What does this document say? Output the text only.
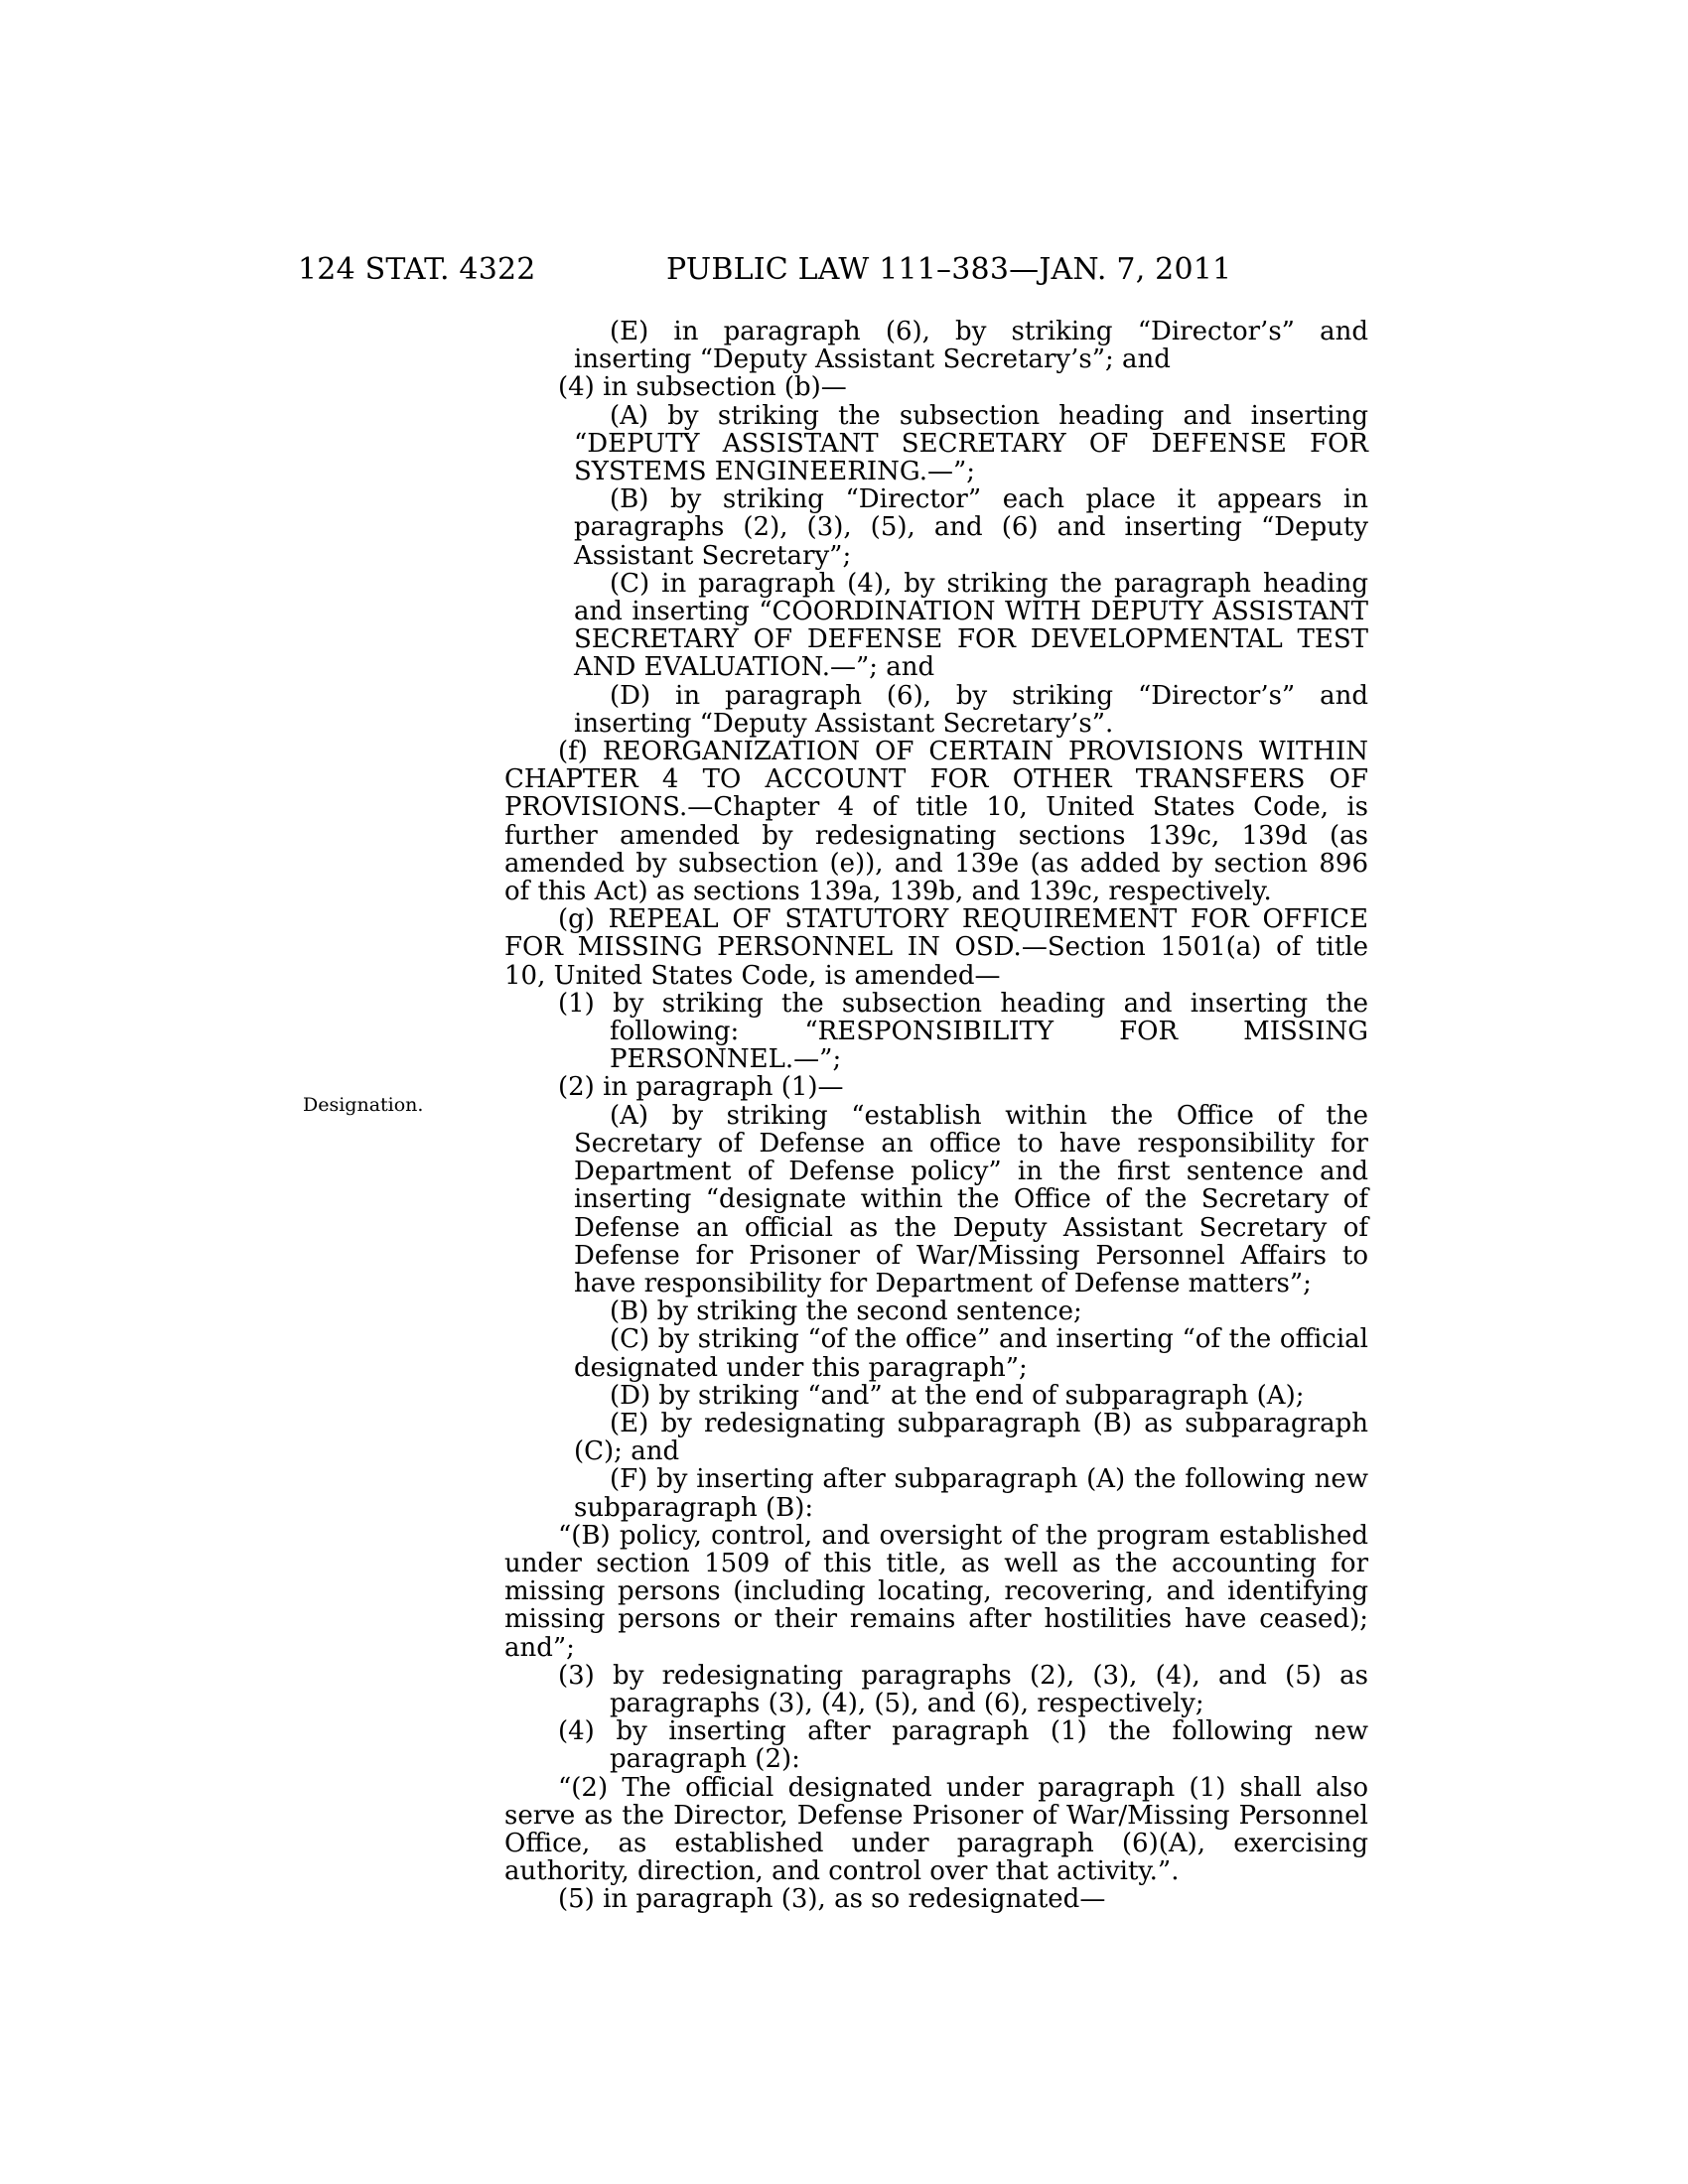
124 STAT. 4322	PUBLIC LAW 111–383—JAN. 7, 2011
Designation.

(E) in paragraph (6), by striking “Director’s” and inserting “Deputy Assistant Secretary’s”; and

(4) in subsection (b)—

(A) by striking the subsection heading and inserting “DEPUTY ASSISTANT SECRETARY OF DEFENSE FOR SYSTEMS ENGINEERING.—”;

(B) by striking “Director” each place it appears in paragraphs (2), (3), (5), and (6) and inserting “Deputy Assistant Secretary”;

(C) in paragraph (4), by striking the paragraph heading and inserting “COORDINATION WITH DEPUTY ASSISTANT SECRETARY OF DEFENSE FOR DEVELOPMENTAL TEST AND EVALUATION.—”; and

(D) in paragraph (6), by striking “Director’s” and inserting “Deputy Assistant Secretary’s”.

(f) REORGANIZATION OF CERTAIN PROVISIONS WITHIN CHAPTER 4 TO ACCOUNT FOR OTHER TRANSFERS OF PROVISIONS.—Chapter 4 of title 10, United States Code, is further amended by redesignating sections 139c, 139d (as amended by subsection (e)), and 139e (as added by section 896 of this Act) as sections 139a, 139b, and 139c, respectively.

(g) REPEAL OF STATUTORY REQUIREMENT FOR OFFICE FOR MISSING PERSONNEL IN OSD.—Section 1501(a) of title 10, United States Code, is amended—

(1) by striking the subsection heading and inserting the following: “RESPONSIBILITY FOR MISSING PERSONNEL.—”;

(2) in paragraph (1)—

(A) by striking “establish within the Office of the Secretary of Defense an office to have responsibility for Department of Defense policy” in the first sentence and inserting “designate within the Office of the Secretary of Defense an official as the Deputy Assistant Secretary of Defense for Prisoner of War/Missing Personnel Affairs to have responsibility for Department of Defense matters”;

(B) by striking the second sentence;

(C) by striking “of the office” and inserting “of the official designated under this paragraph”;

(D) by striking “and” at the end of subparagraph (A);

(E) by redesignating subparagraph (B) as subparagraph (C); and

(F) by inserting after subparagraph (A) the following new subparagraph (B):

“(B) policy, control, and oversight of the program established under section 1509 of this title, as well as the accounting for missing persons (including locating, recovering, and identifying missing persons or their remains after hostilities have ceased); and”;

(3) by redesignating paragraphs (2), (3), (4), and (5) as paragraphs (3), (4), (5), and (6), respectively;

(4) by inserting after paragraph (1) the following new paragraph (2):

“(2) The official designated under paragraph (1) shall also serve as the Director, Defense Prisoner of War/Missing Personnel Office, as established under paragraph (6)(A), exercising authority, direction, and control over that activity.”.

(5) in paragraph (3), as so redesignated—
